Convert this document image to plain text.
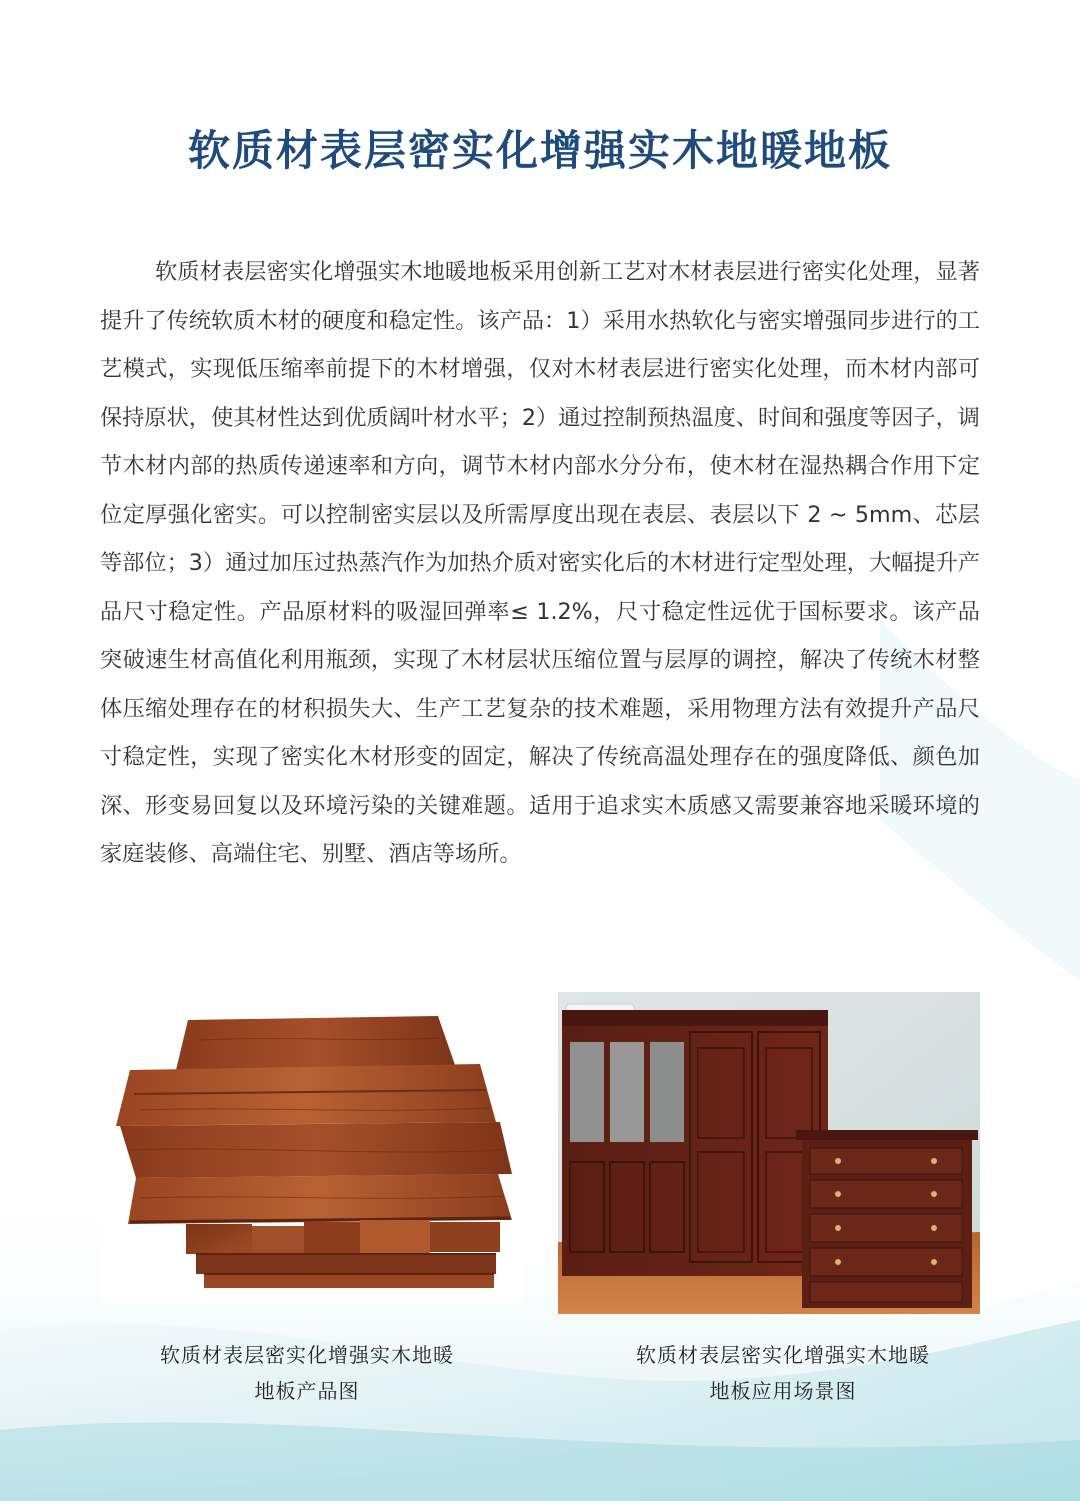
软质材表层密实化增强实木地暖地板

软质材表层密实化增强实木地暖地板采用创新工艺对木材表层进行密实化处理，显著提升了传统软质木材的硬度和稳定性。该产品：1）采用水热软化与密实增强同步进行的工艺模式，实现低压缩率前提下的木材增强，仅对木材表层进行密实化处理，而木材内部可保持原状，使其材性达到优质阔叶材水平；2）通过控制预热温度、时间和强度等因子，调节木材内部的热质传递速率和方向，调节木材内部水分分布，使木材在湿热耦合作用下定位定厚强化密实。可以控制密实层以及所需厚度出现在表层、表层以下 2 ~ 5mm、芯层等部位；3）通过加压过热蒸汽作为加热介质对密实化后的木材进行定型处理，大幅提升产品尺寸稳定性。产品原材料的吸湿回弹率≤ 1.2%，尺寸稳定性远优于国标要求。该产品突破速生材高值化利用瓶颈，实现了木材层状压缩位置与层厚的调控，解决了传统木材整体压缩处理存在的材积损失大、生产工艺复杂的技术难题，采用物理方法有效提升产品尺寸稳定性，实现了密实化木材形变的固定，解决了传统高温处理存在的强度降低、颜色加深、形变易回复以及环境污染的关键难题。适用于追求实木质感又需要兼容地采暖环境的家庭装修、高端住宅、别墅、酒店等场所。

软质材表层密实化增强实木地暖
地板产品图
软质材表层密实化增强实木地暖
地板应用场景图
